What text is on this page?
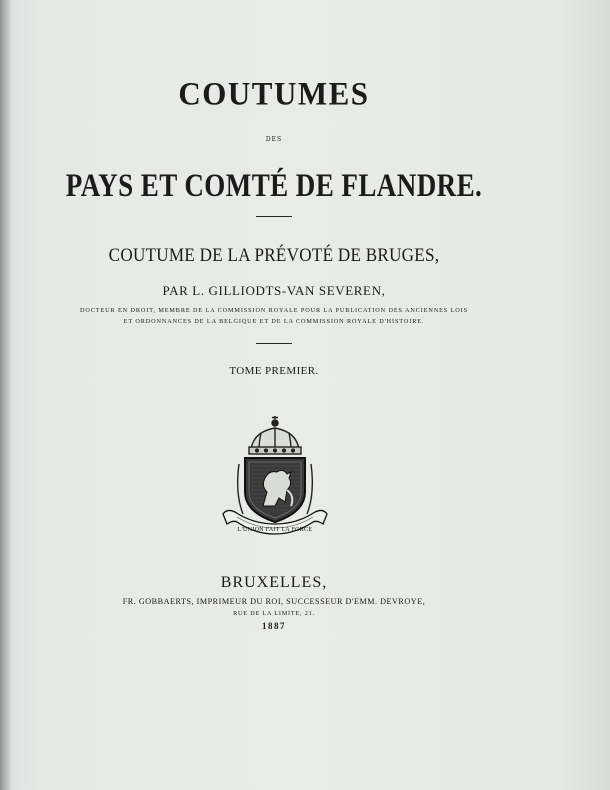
COUTUMES
DES
PAYS ET COMTÉ DE FLANDRE.
COUTUME DE LA PRÉVOTÉ DE BRUGES,
PAR L. GILLIODTS-VAN SEVEREN,
DOCTEUR EN DROIT, MEMBRE DE LA COMMISSION ROYALE POUR LA PUBLICATION DES ANCIENNES LOIS
ET ORDONNANCES DE LA BELGIQUE ET DE LA COMMISSION ROYALE D'HISTOIRE.
TOME PREMIER.
L'UNION FAIT LA FORCE
BRUXELLES,
FR. GOBBAERTS, IMPRIMEUR DU ROI, SUCCESSEUR D'EMM. DEVROYE,
RUE DE LA LIMITE, 21.
1887
